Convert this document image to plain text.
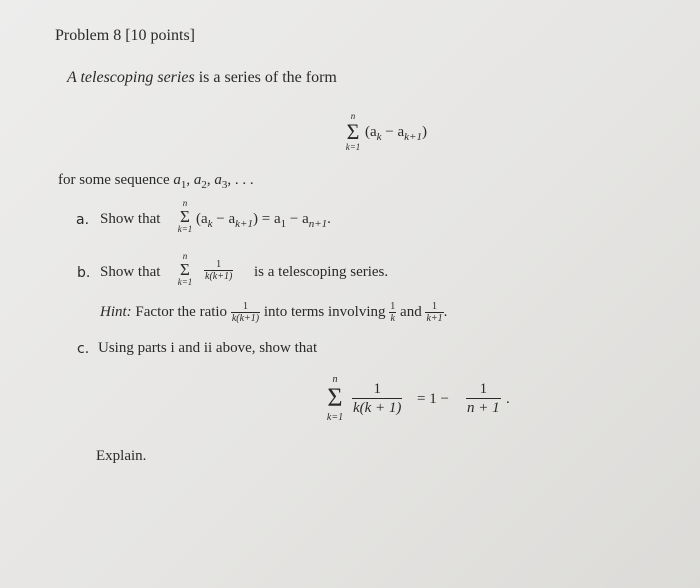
Problem 8 [10 points]
A telescoping series is a series of the form
n
Σ
k=1
$(a_k - a_{k+1})$
for some sequence $a_1$, $a_2$, $a_3$, . . .
a. Show that
n
Σ
k=1
$(a_k - a_{k+1}) = a_1 - a_{n+1}$.
b. Show that
n
Σ
$k=1 \frac{1}{k(k+1)}$ is a telescoping series.
Hint: Factor the ratio $\frac{1}{k(k+1)}$ into terms involving $\frac{1}{k}$ and $\frac{1}{k+1}$ .
c. Using parts i and ii above, show that
n
Σ
k=1
$\frac{1}{k(k + 1)} = 1 - \frac{1}{n + 1}$ .
Explain.
